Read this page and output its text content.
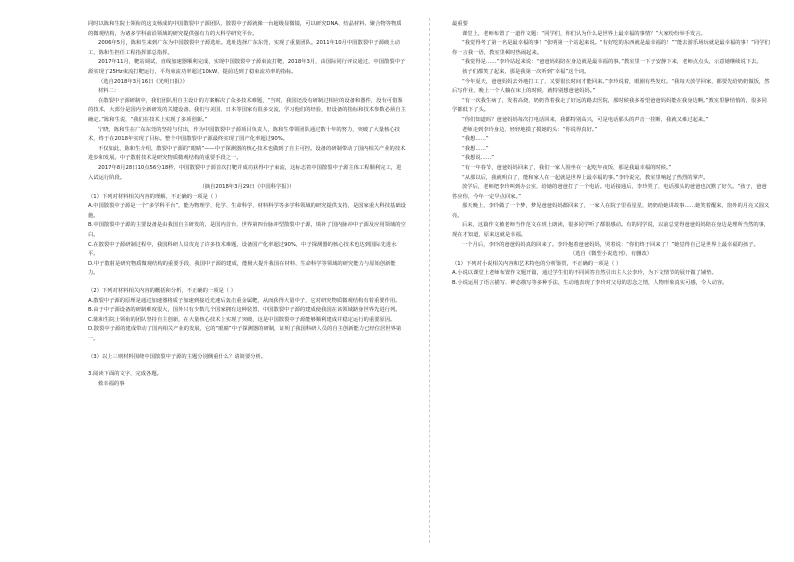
同时以陈和生院士领衔的这支杨成的中国散裂中子源团队，散裂中子源就像一台超级显微镜，可以研究DNA、结晶材料、聚合物等物质的微观结构，为诸多学科前沿领域的研究提供强有力的大科学研究平台。

2006年5月，陈和生来到广东为中国散裂中子源选址。选址选择广东东莞，实现了重量团队。2011年10月中国散裂中子源破土动工，陈和生担任工程指挥部总指挥。

2017年11月，靶站调试，直线加速器顺利完成，实现中国散裂中子源束流打靶，2018年3月，由国际同行评议通过，中国散裂中子源实现了25Hz束流打靶运行，平均束流功率超过10kW，提前达到了稳束流功率的指标。

（选自2018年3月16日《光明日报》）

材料二：

在散裂中子源研制中，我们团队用自主设计的方案解决了众多技术难题，“当时，我国还没有研制过相应的设备和器件，没有可借鉴的技术，大部分是国内全新研发的关键设备。我们与美国、日本等国家有很多交流，学习他们的经验，但设备的指标和技术参数必须自主确定。”陈和生说，“我们在技术上实现了多项创新。”

宁晓，陈和生在广东东莞的坚持与付出，作为中国散裂中子源项目负责人，陈和生带领团队通过数十年的努力，突破了大量核心技术，终于在2018年实现了目标。整个中国散裂中子源最终实现了国产化率超过90%。

不仅如此，陈和生介绍，散裂中子源的“眼睛”——中子探测器的核心技术也做到了自主可控。设备的研制带动了国内相关产业的技术进步和发展。中子散射技术是研究物质微观结构的重要手段之一。

2017年8月28日10点56分18秒，中国散裂中子源首次打靶并成功获得中子束流，这标志着中国散裂中子源主体工程顺利完工，进入试运行阶段。

（摘自2018年3月29日《中国科学报》）

（1）下列对材料相关内容的理解，不正确的一项是（ ）

A.中国散裂中子源是一个“多学科平台”，能为物理学、化学、生命科学、材料科学等多学科领域的研究提供支持，是国家重大科技基础设施。

B.中国散裂中子源的主要设备是由我国自主研发的，是国内首台、世界第四台脉冲型散裂中子源，填补了国内脉冲中子源及应用领域的空白。

C.在散裂中子源研制过程中，我国科研人员攻克了许多技术难题，设备国产化率超过90%，中子探测器的核心技术也达到国际先进水平。

D.中子散射是研究物质微观结构的重要手段，我国中子源的建成，能极大提升我国在材料、生命科学等领域的研究能力与原始创新能力。

（2）下列对材料相关内容的概括和分析，不正确的一项是（ ）

A.散裂中子源的原理是通过加速器将质子加速到接近光速后轰击重金属靶，从而获得大量中子，它对研究物质微观结构有着重要作用。

B.由于中子源设备的研制难度很大，国外只有少数几个国家拥有这种装置，中国散裂中子源的建成使我国在该领域跻身世界先进行列。

C.陈和生院士领衔的团队坚持自主创新，在大量核心技术上实现了突破，这是中国散裂中子源能够顺利建成并稳定运行的重要原因。

D.散裂中子源的建成带动了国内相关产业的发展，它的“眼睛”中子探测器的研制，证明了我国科研人员的自主创新能力已经位居世界第一。

（3）以上三则材料围绕中国散裂中子源的主题分别侧重什么？请简要分析。

3.阅读下面的文字，完成各题。

救幸福的事

最重要

课堂上，老师布置了一道作文题：“同学们，你们认为什么是世界上最幸福的事情？”大家纷纷举手发言。

“我觉得考了第一名是最幸福的事！”张明第一个站起来说。“有好吃的东西就是最幸福的！”“能去游乐场玩就是最幸福的事！”同学们你一言我一语，教室里顿时热闹起来。

“我觉得是……”李玲站起来说：“爸爸妈妈陪在身边就是最幸福的事。”教室里一下子安静下来，老师点点头，示意她继续说下去。

孩子们都笑了起来，那是我第一次听到“幸福”这个词。

“今年夏天，爸爸妈妈去外地打工了，又要很长时间才能回来。”李玲说着，眼圈有些发红。“我每天放学回家，都要先给奶奶做饭，然后写作业，晚上一个人躺在床上的时候，就特别想爸爸妈妈。”

“有一次我生病了，发着高烧，奶奶背着我走了好远的路去医院，那时候我多希望爸爸妈妈能在我身边啊。”教室里静悄悄的，很多同学都低下了头。

“你们知道吗？爸爸妈妈每次打电话回来，我都特别高兴，可是电话那头的声音一挂断，我就又难过起来。”

老师走到李玲身边，轻轻地摸了摸她的头：“你说得真好。”

“我想……”

“我想……”

“我想说……”

“有一年春节，爸爸妈妈回来了，我们一家人围坐在一起吃年夜饭，那是我最幸福的时候。”

“从那以后，我就明白了，能和家人在一起就是世界上最幸福的事。”李玲说完，教室里响起了热烈的掌声。

放学后，老师把李玲叫到办公室，给她的爸爸打了一个电话。电话接通后，李玲哭了，电话那头的爸爸也沉默了好久。“孩子，爸爸答应你，今年一定早点回家。”

那天晚上，李玲做了一个梦，梦见爸爸妈妈都回来了，一家人在院子里看星星，奶奶给她讲故事……她笑着醒来，窗外的月亮又圆又亮。

后来，这篇作文被老师当作范文在班上朗读，很多同学听了都很感动。有的同学说，以前总觉得爸爸妈妈陪在身边是理所当然的事，现在才知道，原来这就是幸福。

一个月后，李玲的爸爸妈妈真的回来了。李玲抱着爸爸妈妈，哭着说：“你们终于回来了！”她觉得自己是世界上最幸福的孩子。

（选自《微型小说选刊》，有删改）

（1）下列对小说相关内容和艺术特色的分析鉴赏，不正确的一项是（ ）

A.小说以课堂上老师布置作文题开篇，通过学生们的不同回答自然引出主人公李玲，为下文情节的展开做了铺垫。

B.小说运用了语言描写、神态描写等多种手法，生动地表现了李玲对父母的思念之情，人物形象真实可感，令人动容。
